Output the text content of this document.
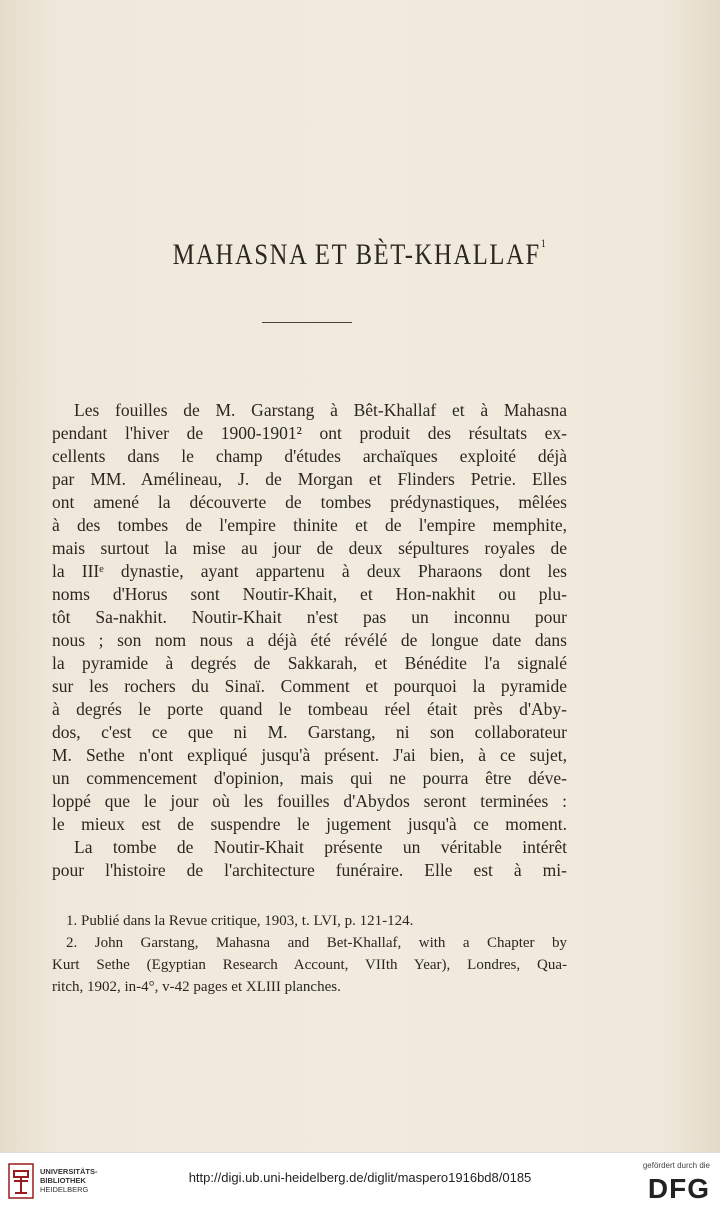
MAHASNA ET BÈT-KHALLAF$^1$
Les fouilles de M. Garstang à Bêt-Khallaf et à Mahasna
pendant l'hiver de 1900-1901² ont produit des résultats ex-
cellents dans le champ d'études archaïques exploité déjà
par MM. Amélineau, J. de Morgan et Flinders Petrie. Elles
ont amené la découverte de tombes prédynastiques, mêlées
à des tombes de l'empire thinite et de l'empire memphite,
mais surtout la mise au jour de deux sépultures royales de
la IIIᵉ dynastie, ayant appartenu à deux Pharaons dont les
noms d'Horus sont Noutir-Khait, et Hon-nakhit ou plu-
tôt Sa-nakhit. Noutir-Khait n'est pas un inconnu pour
nous ; son nom nous a déjà été révélé de longue date dans
la pyramide à degrés de Sakkarah, et Bénédite l'a signalé
sur les rochers du Sinaï. Comment et pourquoi la pyramide
à degrés le porte quand le tombeau réel était près d'Aby-
dos, c'est ce que ni M. Garstang, ni son collaborateur
M. Sethe n'ont expliqué jusqu'à présent. J'ai bien, à ce sujet,
un commencement d'opinion, mais qui ne pourra être déve-
loppé que le jour où les fouilles d'Abydos seront terminées :
le mieux est de suspendre le jugement jusqu'à ce moment.
La tombe de Noutir-Khait présente un véritable intérêt
pour l'histoire de l'architecture funéraire. Elle est à mi-
1. Publié dans la Revue critique, 1903, t. LVI, p. 121-124.
2. John Garstang, Mahasna and Bet-Khallaf, with a Chapter by
Kurt Sethe (Egyptian Research Account, VIIth Year), Londres, Qua-
ritch, 1902, in-4°, v-42 pages et XLIII planches.
UNIVERSITÄTS-
BIBLIOTHEK
HEIDELBERG
http://digi.ub.uni-heidelberg.de/diglit/maspero1916bd8/0185
gefördert durch die
DFG
